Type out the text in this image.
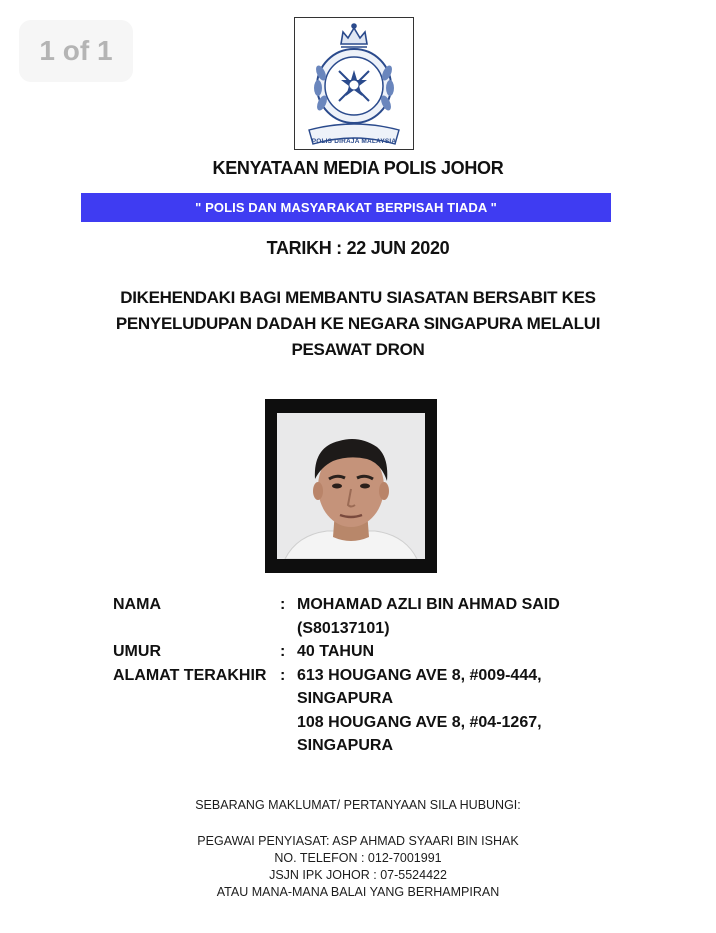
1 of 1
POLIS DIRAJA MALAYSIA
KENYATAAN MEDIA POLIS JOHOR
" POLIS DAN MASYARAKAT BERPISAH TIADA "
TARIKH : 22 JUN 2020
DIKEHENDAKI BAGI MEMBANTU SIASATAN BERSABIT KES
PENYELUDUPAN DADAH KE NEGARA SINGAPURA MELALUI
PESAWAT DRON
NAMA

UMUR
ALAMAT TERAKHIR
:

:
:
MOHAMAD AZLI BIN AHMAD SAID
(S80137101)
40 TAHUN
613 HOUGANG AVE 8, #009-444,
SINGAPURA
108 HOUGANG AVE 8, #04-1267,
SINGAPURA
SEBARANG MAKLUMAT/ PERTANYAAN SILA HUBUNGI:
PEGAWAI PENYIASAT: ASP AHMAD SYAARI BIN ISHAK
NO. TELEFON : 012-7001991
JSJN IPK JOHOR : 07-5524422
ATAU MANA-MANA BALAI YANG BERHAMPIRAN
